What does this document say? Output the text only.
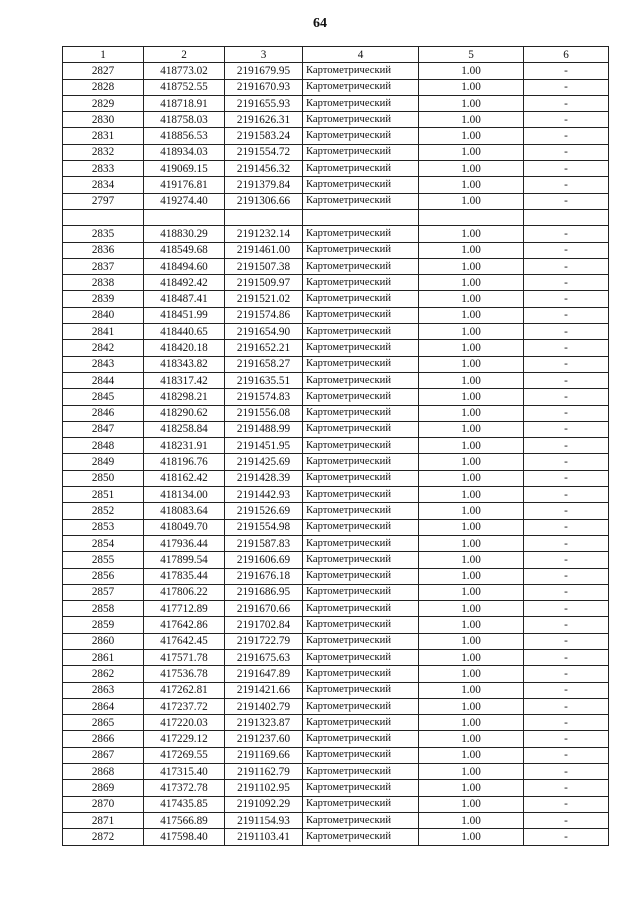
64
1	2	3	4	5	6
2827	418773.02	2191679.95	Картометрический	1.00	-
2828	418752.55	2191670.93	Картометрический	1.00	-
2829	418718.91	2191655.93	Картометрический	1.00	-
2830	418758.03	2191626.31	Картометрический	1.00	-
2831	418856.53	2191583.24	Картометрический	1.00	-
2832	418934.03	2191554.72	Картометрический	1.00	-
2833	419069.15	2191456.32	Картометрический	1.00	-
2834	419176.81	2191379.84	Картометрический	1.00	-
2797	419274.40	2191306.66	Картометрический	1.00	-

2835	418830.29	2191232.14	Картометрический	1.00	-
2836	418549.68	2191461.00	Картометрический	1.00	-
2837	418494.60	2191507.38	Картометрический	1.00	-
2838	418492.42	2191509.97	Картометрический	1.00	-
2839	418487.41	2191521.02	Картометрический	1.00	-
2840	418451.99	2191574.86	Картометрический	1.00	-
2841	418440.65	2191654.90	Картометрический	1.00	-
2842	418420.18	2191652.21	Картометрический	1.00	-
2843	418343.82	2191658.27	Картометрический	1.00	-
2844	418317.42	2191635.51	Картометрический	1.00	-
2845	418298.21	2191574.83	Картометрический	1.00	-
2846	418290.62	2191556.08	Картометрический	1.00	-
2847	418258.84	2191488.99	Картометрический	1.00	-
2848	418231.91	2191451.95	Картометрический	1.00	-
2849	418196.76	2191425.69	Картометрический	1.00	-
2850	418162.42	2191428.39	Картометрический	1.00	-
2851	418134.00	2191442.93	Картометрический	1.00	-
2852	418083.64	2191526.69	Картометрический	1.00	-
2853	418049.70	2191554.98	Картометрический	1.00	-
2854	417936.44	2191587.83	Картометрический	1.00	-
2855	417899.54	2191606.69	Картометрический	1.00	-
2856	417835.44	2191676.18	Картометрический	1.00	-
2857	417806.22	2191686.95	Картометрический	1.00	-
2858	417712.89	2191670.66	Картометрический	1.00	-
2859	417642.86	2191702.84	Картометрический	1.00	-
2860	417642.45	2191722.79	Картометрический	1.00	-
2861	417571.78	2191675.63	Картометрический	1.00	-
2862	417536.78	2191647.89	Картометрический	1.00	-
2863	417262.81	2191421.66	Картометрический	1.00	-
2864	417237.72	2191402.79	Картометрический	1.00	-
2865	417220.03	2191323.87	Картометрический	1.00	-
2866	417229.12	2191237.60	Картометрический	1.00	-
2867	417269.55	2191169.66	Картометрический	1.00	-
2868	417315.40	2191162.79	Картометрический	1.00	-
2869	417372.78	2191102.95	Картометрический	1.00	-
2870	417435.85	2191092.29	Картометрический	1.00	-
2871	417566.89	2191154.93	Картометрический	1.00	-
2872	417598.40	2191103.41	Картометрический	1.00	-
